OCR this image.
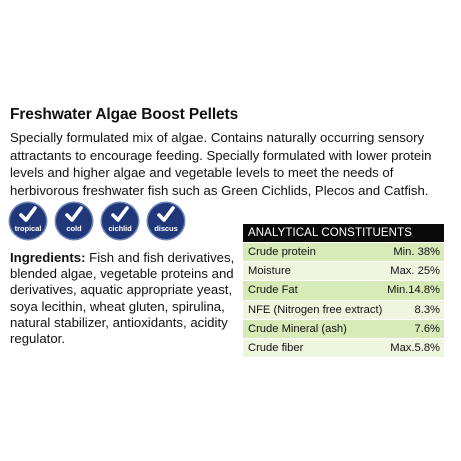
Freshwater Algae Boost Pellets
Specially formulated mix of algae. Contains naturally occurring sensory
attractants to encourage feeding. Specially formulated with lower protein
levels and higher algae and vegetable levels to meet the needs of
herbivorous freshwater fish such as Green Cichlids, Plecos and Catfish.
tropical	cold	cichlid	discus
Ingredients: Fish and fish derivatives,
blended algae, vegetable proteins and
derivatives, aquatic appropriate yeast,
soya lecithin, wheat gluten, spirulina,
natural stabilizer, antioxidants, acidity
regulator.
ANALYTICAL CONSTITUENTS
Crude protein	Min. 38%
Moisture	Max. 25%
Crude Fat	Min.14.8%
NFE (Nitrogen free extract)	8.3%
Crude Mineral (ash)	7.6%
Crude fiber	Max.5.8%
